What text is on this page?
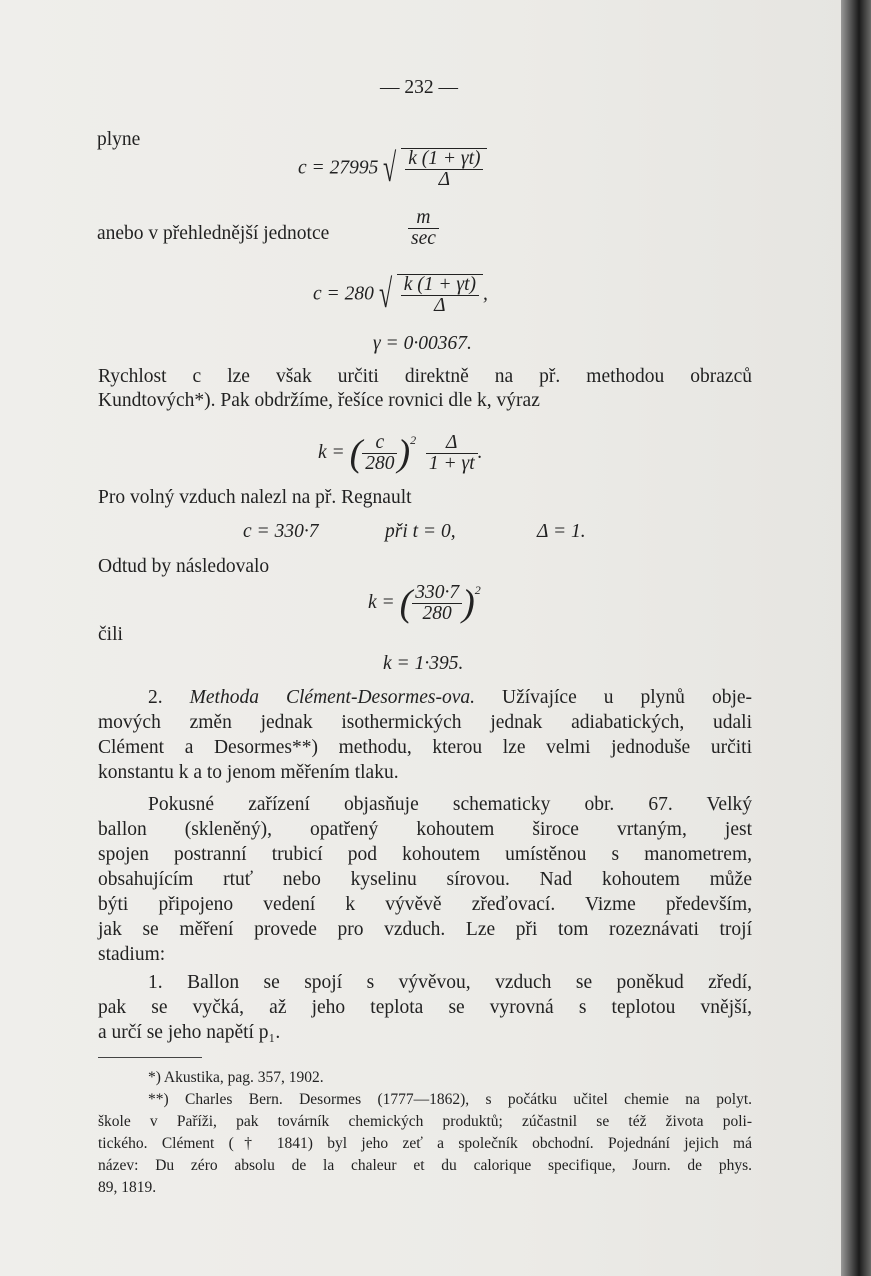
— 232 —
plyne
c = 27995 √ $\frac{k (1 + \gamma t)}{\Delta}$
anebo v přehlednější jednotce	$\frac{m}{\sec}$
c = 280 √ $\frac{k (1 + \gamma t)}{\Delta}$ ,
γ = 0·00367.
Rychlost c lze však určiti direktně na př. methodou obrazců
Kundtových*). Pak obdržíme, řešíce rovnici dle k, výraz
k = ( $\frac{c}{280} )^2 \frac{\Delta}{1 + \gamma t}$ .
Pro volný vzduch nalezl na př. Regnault
c = 330·7	při t = 0,	Δ = 1.
Odtud by následovalo
k = ( $\frac{330\cdot 7}{280} )^2$
čili
k = 1·395.
2. Methoda Clément-Desormes-ova. Užívajíce u plynů obje-
mových změn jednak isothermických jednak adiabatických, udali
Clément a Desormes**) methodu, kterou lze velmi jednoduše určiti
konstantu k a to jenom měřením tlaku.
Pokusné zařízení objasňuje schematicky obr. 67. Velký
ballon (skleněný), opatřený kohoutem široce vrtaným, jest
spojen postranní trubicí pod kohoutem umístěnou s manometrem,
obsahujícím rtuť nebo kyselinu sírovou. Nad kohoutem může
býti připojeno vedení k vývěvě zřeďovací. Vizme především,
jak se měření provede pro vzduch. Lze při tom rozeznávati trojí
stadium:
1. Ballon se spojí s vývěvou, vzduch se poněkud zředí,
pak se vyčká, až jeho teplota se vyrovná s teplotou vnější,
a určí se jeho napětí p₁.
*) Akustika, pag. 357, 1902.
**) Charles Bern. Desormes (1777—1862), s počátku učitel chemie na polyt.
škole v Paříži, pak továrník chemických produktů; zúčastnil se též života poli-
tického. Clément († 1841) byl jeho zeť a společník obchodní. Pojednání jejich má
název: Du zéro absolu de la chaleur et du calorique specifique, Journ. de phys.
89, 1819.
